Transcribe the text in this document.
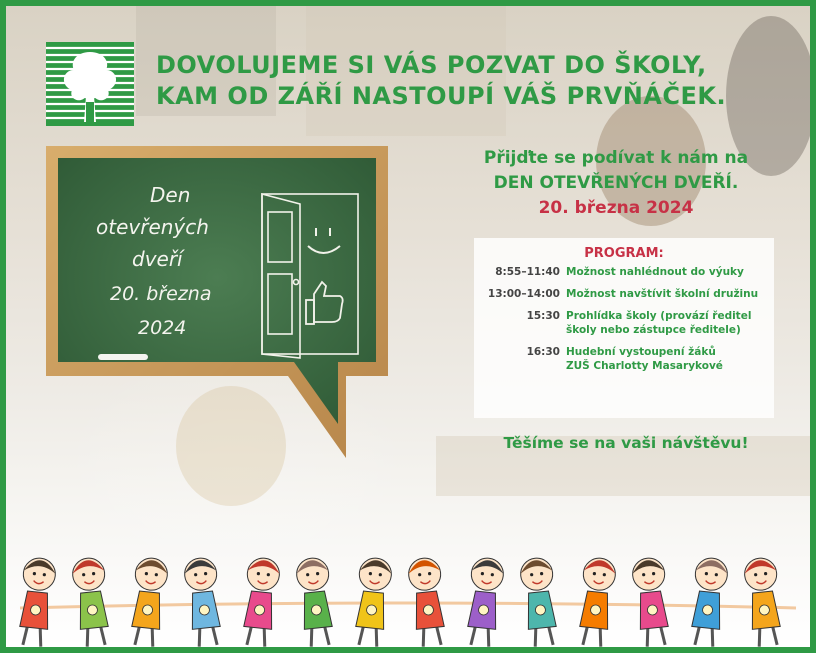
DOVOLUJEME SI VÁS POZVAT DO ŠKOLY,
KAM OD ZÁŘÍ NASTOUPÍ VÁŠ PRVŇÁČEK.
Den
otevřených
dveří
20. března
2024
Přijďte se podívat k nám na
DEN OTEVŘENÝCH DVEŘÍ.
20. března 2024
PROGRAM:
8:55–11:40 Možnost nahlédnout do výuky
13:00–14:00 Možnost navštívit školní družinu
15:30 Prohlídka školy (provází ředitel
školy nebo zástupce ředitele)
16:30 Hudební vystoupení žáků
ZUŠ Charlotty Masarykové
Těšíme se na vaši návštěvu!
